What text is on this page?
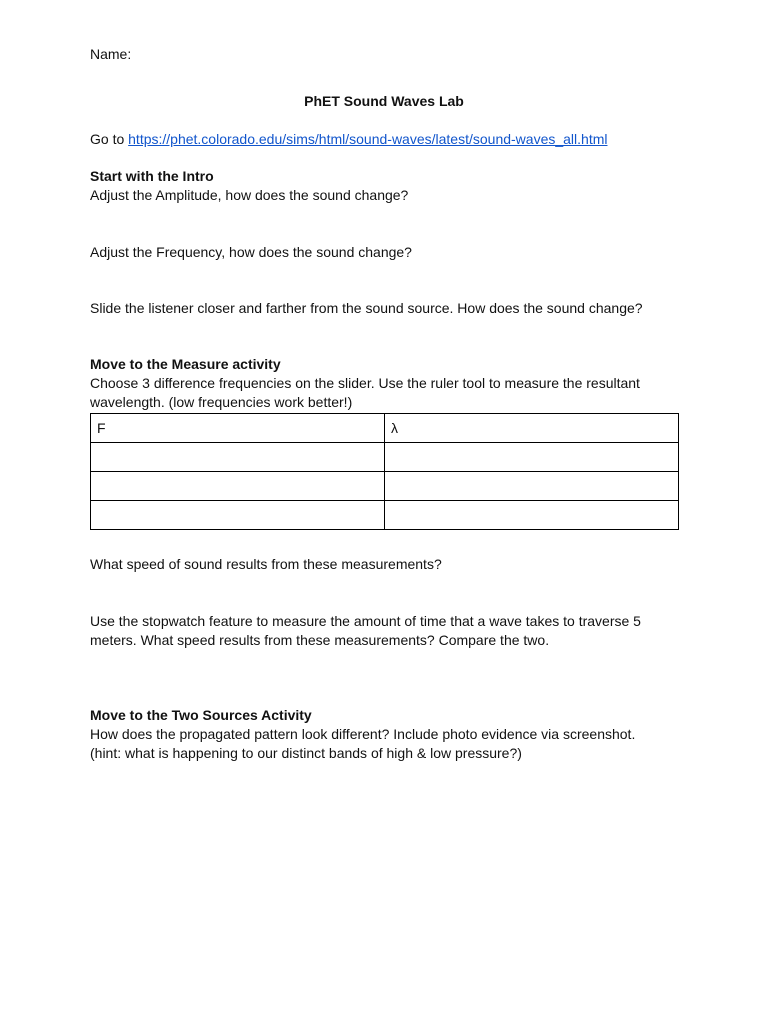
Name:
PhET Sound Waves Lab
Go to https://phet.colorado.edu/sims/html/sound-waves/latest/sound-waves_all.html
Start with the Intro
Adjust the Amplitude, how does the sound change?
Adjust the Frequency, how does the sound change?
Slide the listener closer and farther from the sound source. How does the sound change?
Move to the Measure activity
Choose 3 difference frequencies on the slider. Use the ruler tool to measure the resultant
wavelength. (low frequencies work better!)
F	λ

What speed of sound results from these measurements?
Use the stopwatch feature to measure the amount of time that a wave takes to traverse 5
meters. What speed results from these measurements? Compare the two.
Move to the Two Sources Activity
How does the propagated pattern look different? Include photo evidence via screenshot.
(hint: what is happening to our distinct bands of high & low pressure?)
